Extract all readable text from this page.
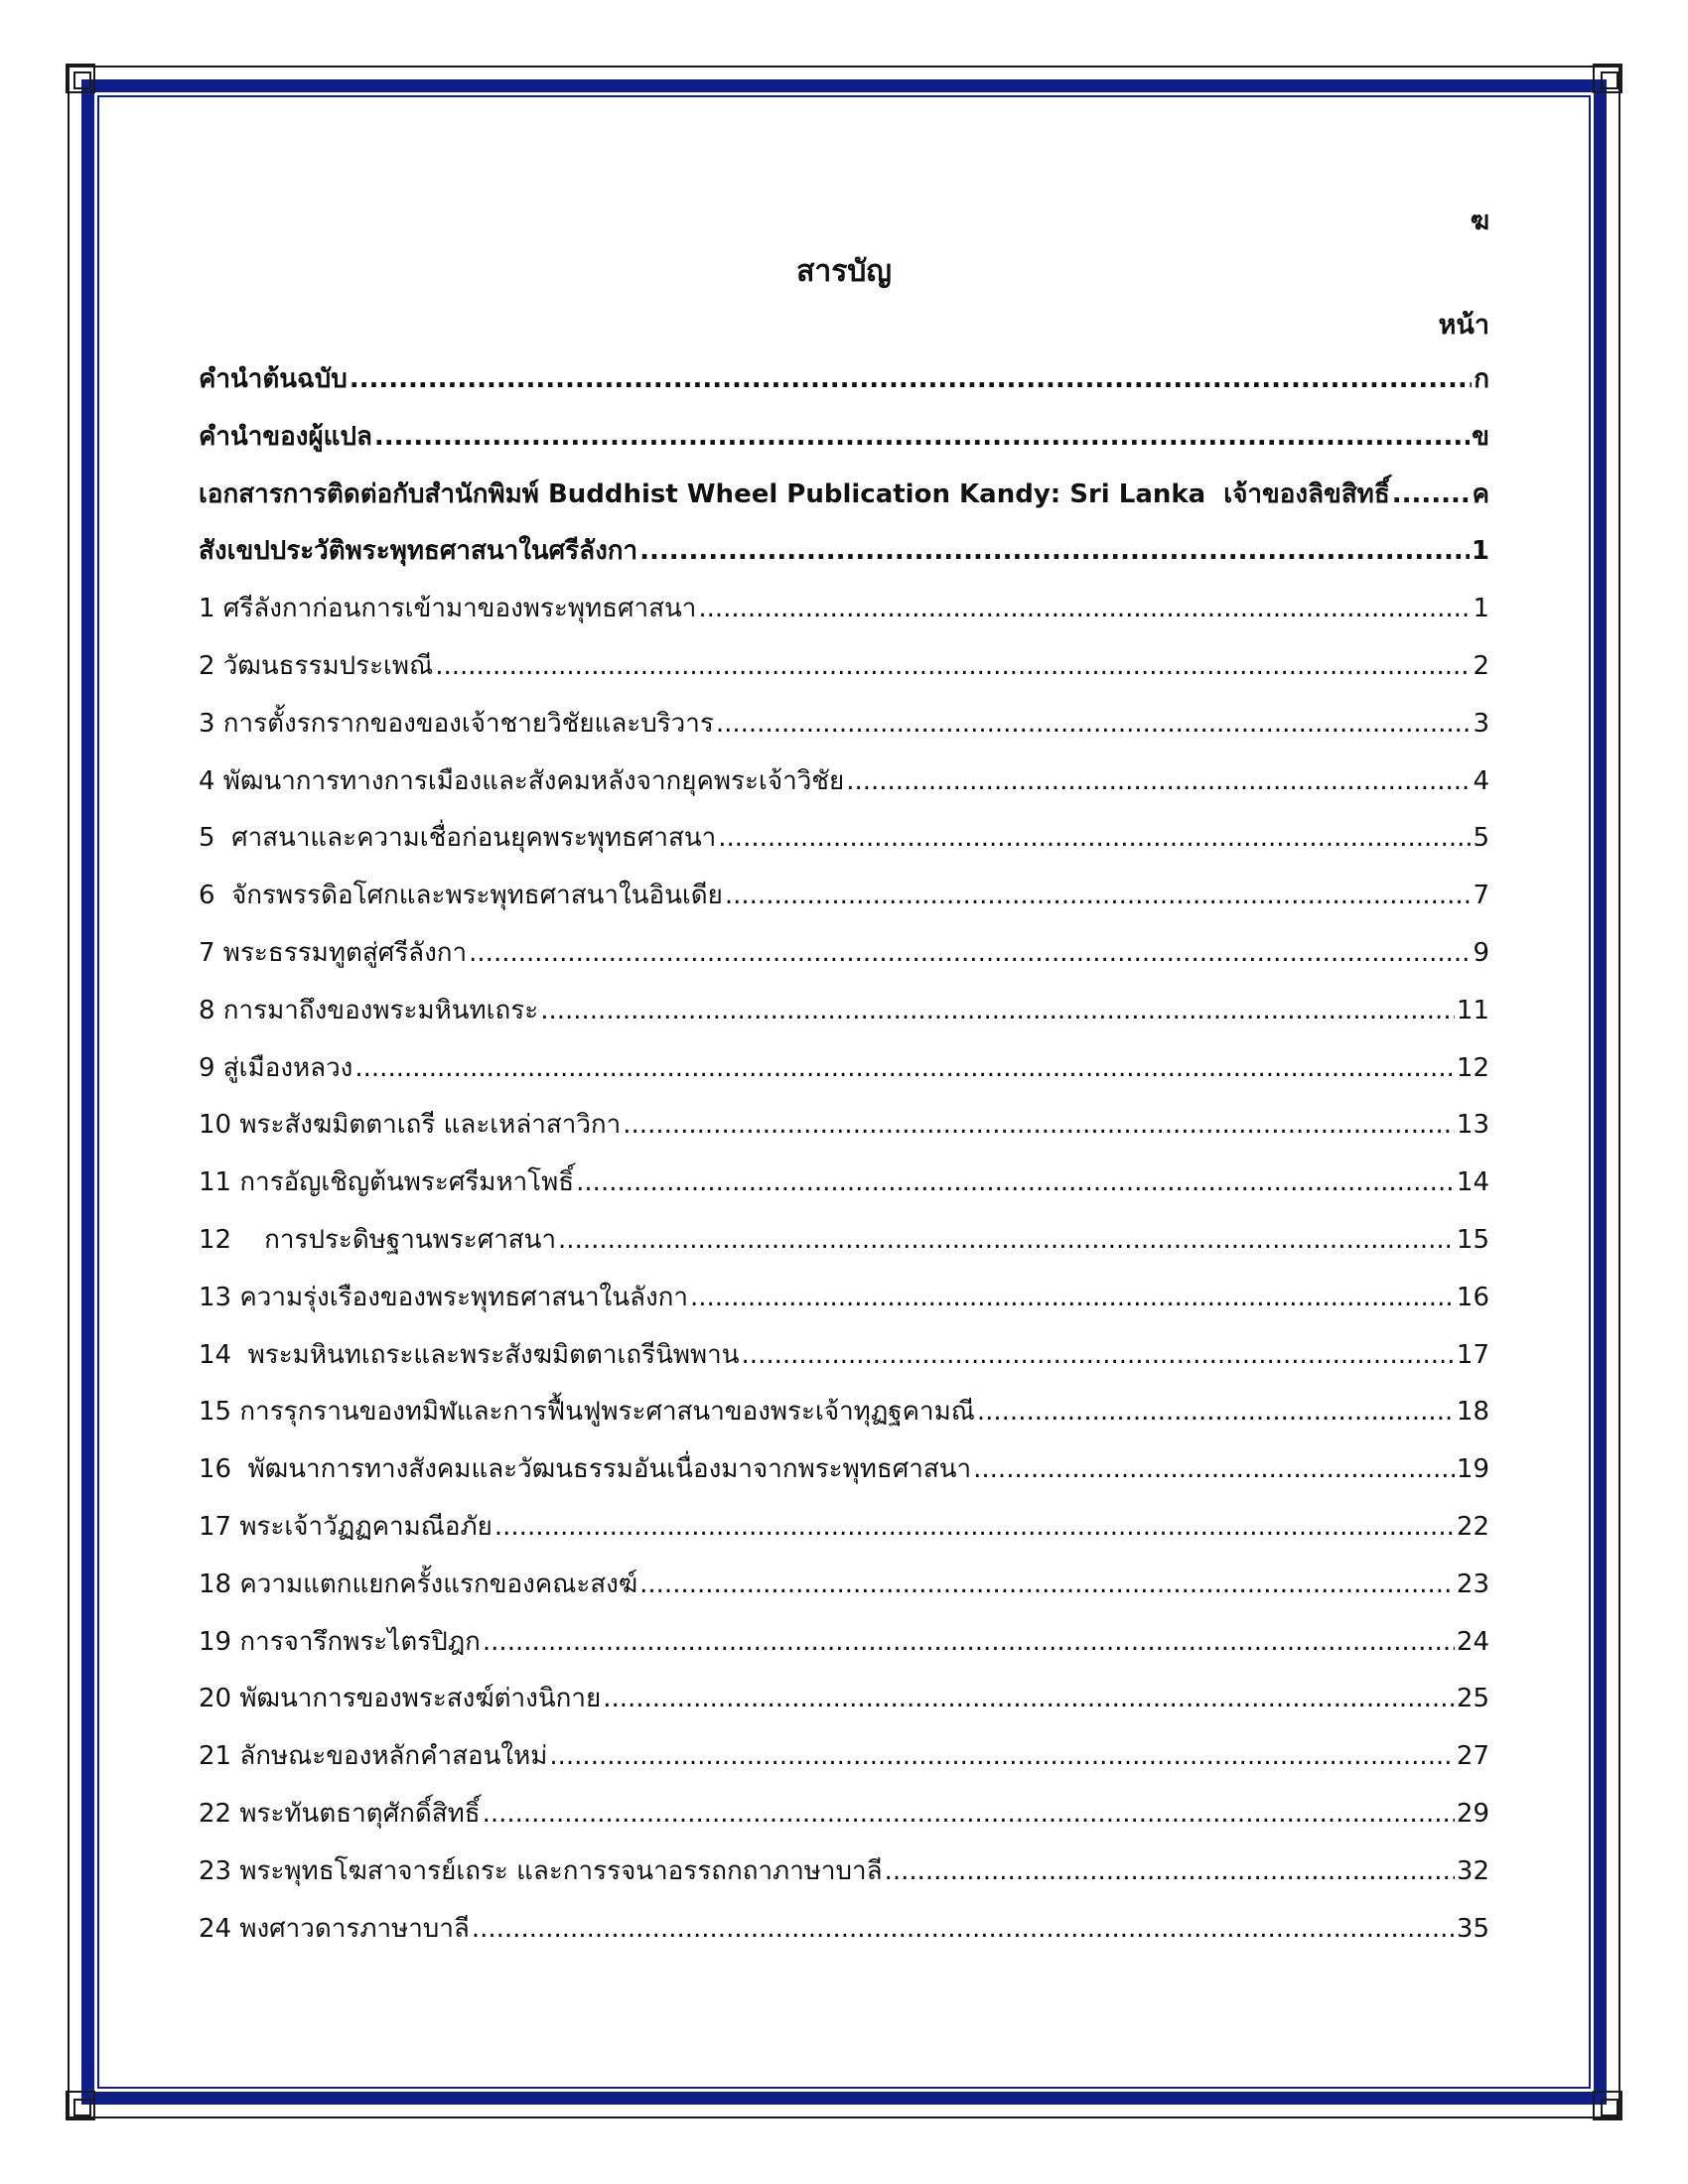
ฆ
สารบัญ
หน้า
คำนำต้นฉบับ .....	ก
คำนำของผู้แปล .....	ข
เอกสารการติดต่อกับสำนักพิมพ์ Buddhist Wheel Publication Kandy: Sri Lanka  เจ้าของลิขสิทธิ์ .....	ค
สังเขปประวัติพระพุทธศาสนาในศรีลังกา .....	1
1 ศรีลังกาก่อนการเข้ามาของพระพุทธศาสนา .....	1
2 วัฒนธรรมประเพณี .....	2
3 การตั้งรกรากของของเจ้าชายวิชัยและบริวาร .....	3
4 พัฒนาการทางการเมืองและสังคมหลังจากยุคพระเจ้าวิชัย .....	4
5  ศาสนาและความเชื่อก่อนยุคพระพุทธศาสนา .....	5
6  จักรพรรดิอโศกและพระพุทธศาสนาในอินเดีย .....	7
7 พระธรรมทูตสู่ศรีลังกา .....	9
8 การมาถึงของพระมหินทเถระ .....	11
9 สู่เมืองหลวง .....	12
10 พระสังฆมิตตาเถรี และเหล่าสาวิกา .....	13
11 การอัญเชิญต้นพระศรีมหาโพธิ์ .....	14
12    การประดิษฐานพระศาสนา .....	15
13 ความรุ่งเรืองของพระพุทธศาสนาในลังกา .....	16
14  พระมหินทเถระและพระสังฆมิตตาเถรีนิพพาน .....	17
15 การรุกรานของทมิฬและการฟื้นฟูพระศาสนาของพระเจ้าทุฏฐคามณี .....	18
16  พัฒนาการทางสังคมและวัฒนธรรมอันเนื่องมาจากพระพุทธศาสนา .....	19
17 พระเจ้าวัฏฏคามณีอภัย .....	22
18 ความแตกแยกครั้งแรกของคณะสงฆ์ .....	23
19 การจารึกพระไตรปิฎก .....	24
20 พัฒนาการของพระสงฆ์ต่างนิกาย .....	25
21 ลักษณะของหลักคำสอนใหม่ .....	27
22 พระทันตธาตุศักดิ์สิทธิ์ .....	29
23 พระพุทธโฆสาจารย์เถระ และการรจนาอรรถกถาภาษาบาลี .....	32
24 พงศาวดารภาษาบาลี .....	35
